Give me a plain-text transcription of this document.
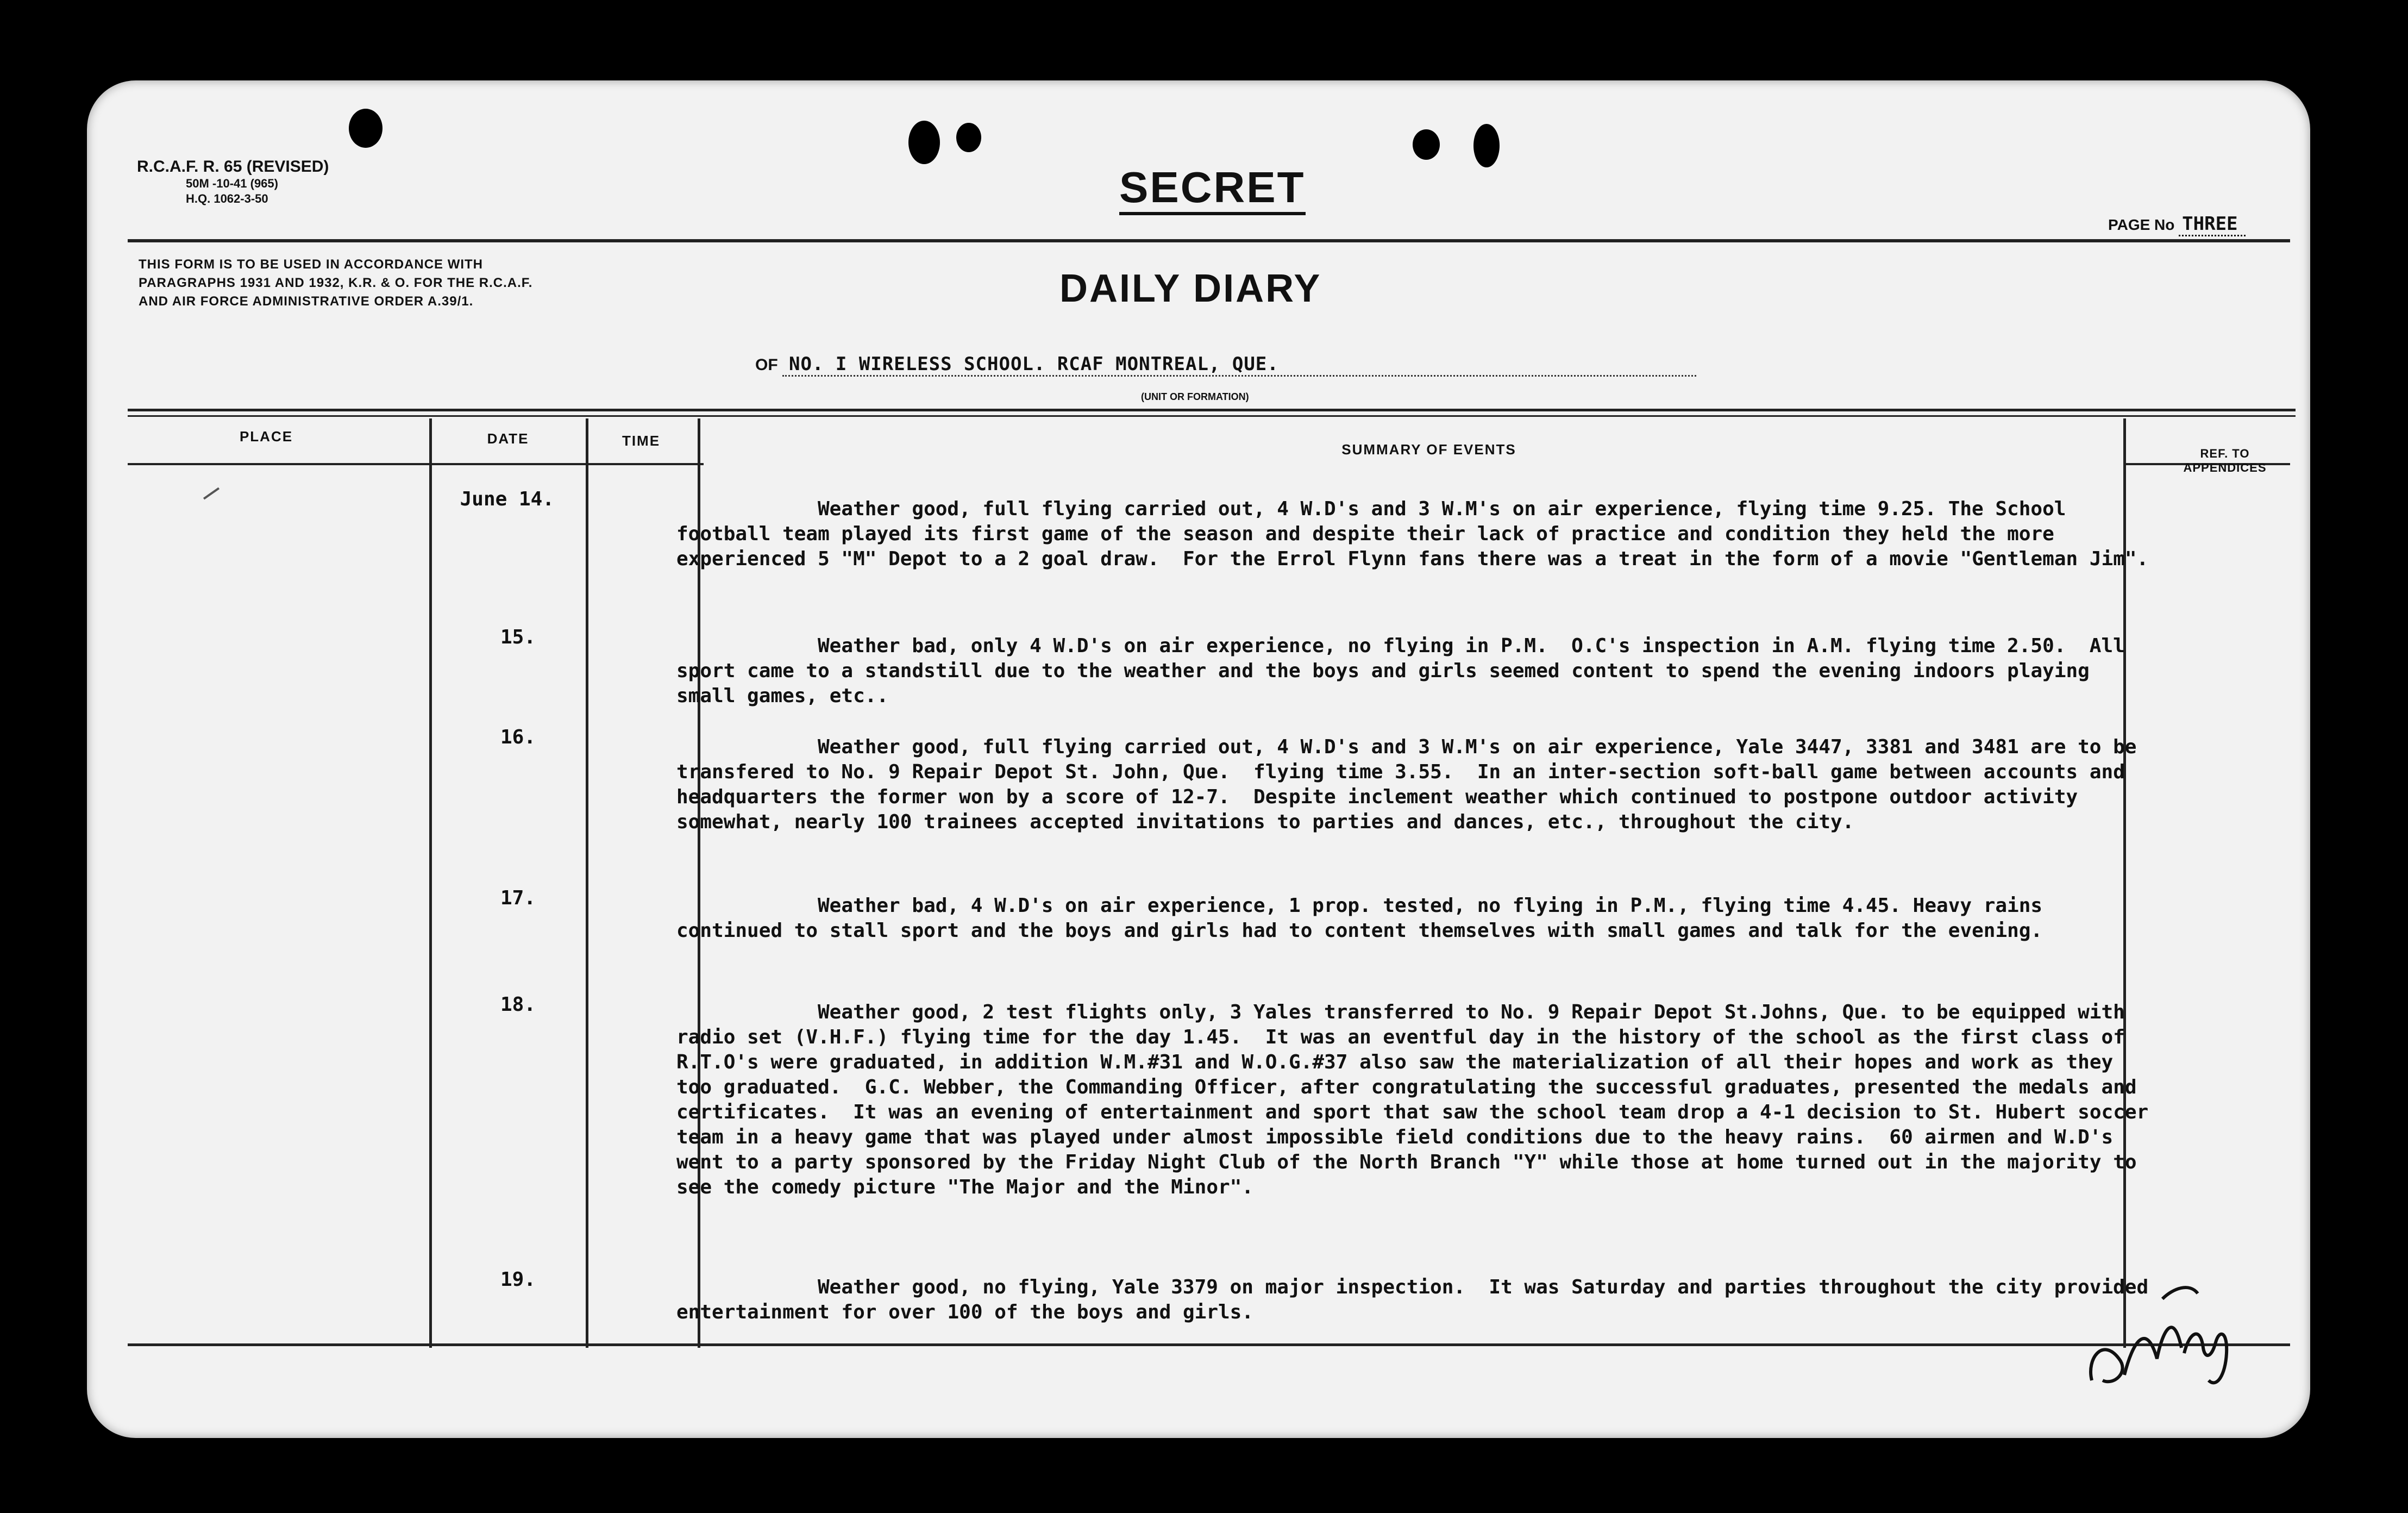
R.C.A.F. R. 65 (REVISED)
50M -10-41 (965)
H.Q. 1062-3-50	SECRET
PAGE No THREE
THIS FORM IS TO BE USED IN ACCORDANCE WITH PARAGRAPHS 1931 AND 1932, K.R. & O. FOR THE R.C.A.F. AND AIR FORCE ADMINISTRATIVE ORDER A.39/1.	DAILY DIARY
OF NO. I WIRELESS SCHOOL. RCAF MONTREAL, QUE.
(UNIT OR FORMATION)
PLACE	DATE	TIME
SUMMARY OF EVENTS	REF. TO APPENDICES
June 14.	Weather good, full flying carried out, 4 W.D's and 3 W.M's on air experience, flying time 9.25. The School football team played its first game of the season and despite their lack of practice and condition they held the more experienced 5 "M" Depot to a 2 goal draw.  For the Errol Flynn fans there was a treat in the form of a movie "Gentleman Jim".
15.	Weather bad, only 4 W.D's on air experience, no flying in P.M.  O.C's inspection in A.M. flying time 2.50.  All sport came to a standstill due to the weather and the boys and girls seemed content to spend the evening indoors playing small games, etc..
16.	Weather good, full flying carried out, 4 W.D's and 3 W.M's on air experience, Yale 3447, 3381 and 3481 are to be transfered to No. 9 Repair Depot St. John, Que.  flying time 3.55.  In an inter-section soft-ball game between accounts and headquarters the former won by a score of 12-7.  Despite inclement weather which continued to postpone outdoor activity somewhat, nearly 100 trainees accepted invitations to parties and dances, etc., throughout the city.
17.	Weather bad, 4 W.D's on air experience, 1 prop. tested, no flying in P.M., flying time 4.45. Heavy rains continued to stall sport and the boys and girls had to content themselves with small games and talk for the evening.
18.	Weather good, 2 test flights only, 3 Yales transferred to No. 9 Repair Depot St.Johns, Que. to be equipped with radio set (V.H.F.) flying time for the day 1.45.  It was an eventful day in the history of the school as the first class of R.T.O's were graduated, in addition W.M.#31 and W.O.G.#37 also saw the materialization of all their hopes and work as they too graduated.  G.C. Webber, the Commanding Officer, after congratulating the successful graduates, presented the medals and certificates.  It was an evening of entertainment and sport that saw the school team drop a 4-1 decision to St. Hubert soccer team in a heavy game that was played under almost impossible field conditions due to the heavy rains.  60 airmen and W.D's went to a party sponsored by the Friday Night Club of the North Branch "Y" while those at home turned out in the majority to see the comedy picture "The Major and the Minor".
19.	Weather good, no flying, Yale 3379 on major inspection.  It was Saturday and parties throughout the city provided entertainment for over 100 of the boys and girls.
